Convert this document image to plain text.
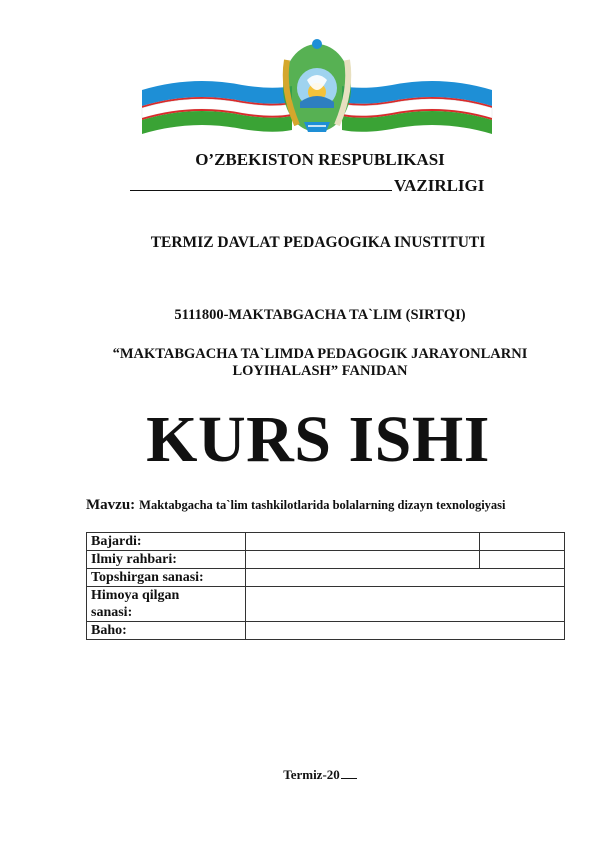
O’ZBEKISTON RESPUBLIKASI
VAZIRLIGI
TERMIZ DAVLAT PEDAGOGIKA INUSTITUTI
5111800-MAKTABGACHA TA`LIM (SIRTQI)
“MAKTABGACHA TA`LIMDA PEDAGOGIK JARAYONLARNI
LOYIHALASH” FANIDAN
KURS ISHI
Mavzu: Maktabgacha ta`lim tashkilotlarida bolalarning dizayn texnologiyasi
Bajardi:		
Ilmiy rahbari:		
Topshirgan sanasi:		

Himoya qilgan
sanasi:		

Baho:		
Termiz-20
